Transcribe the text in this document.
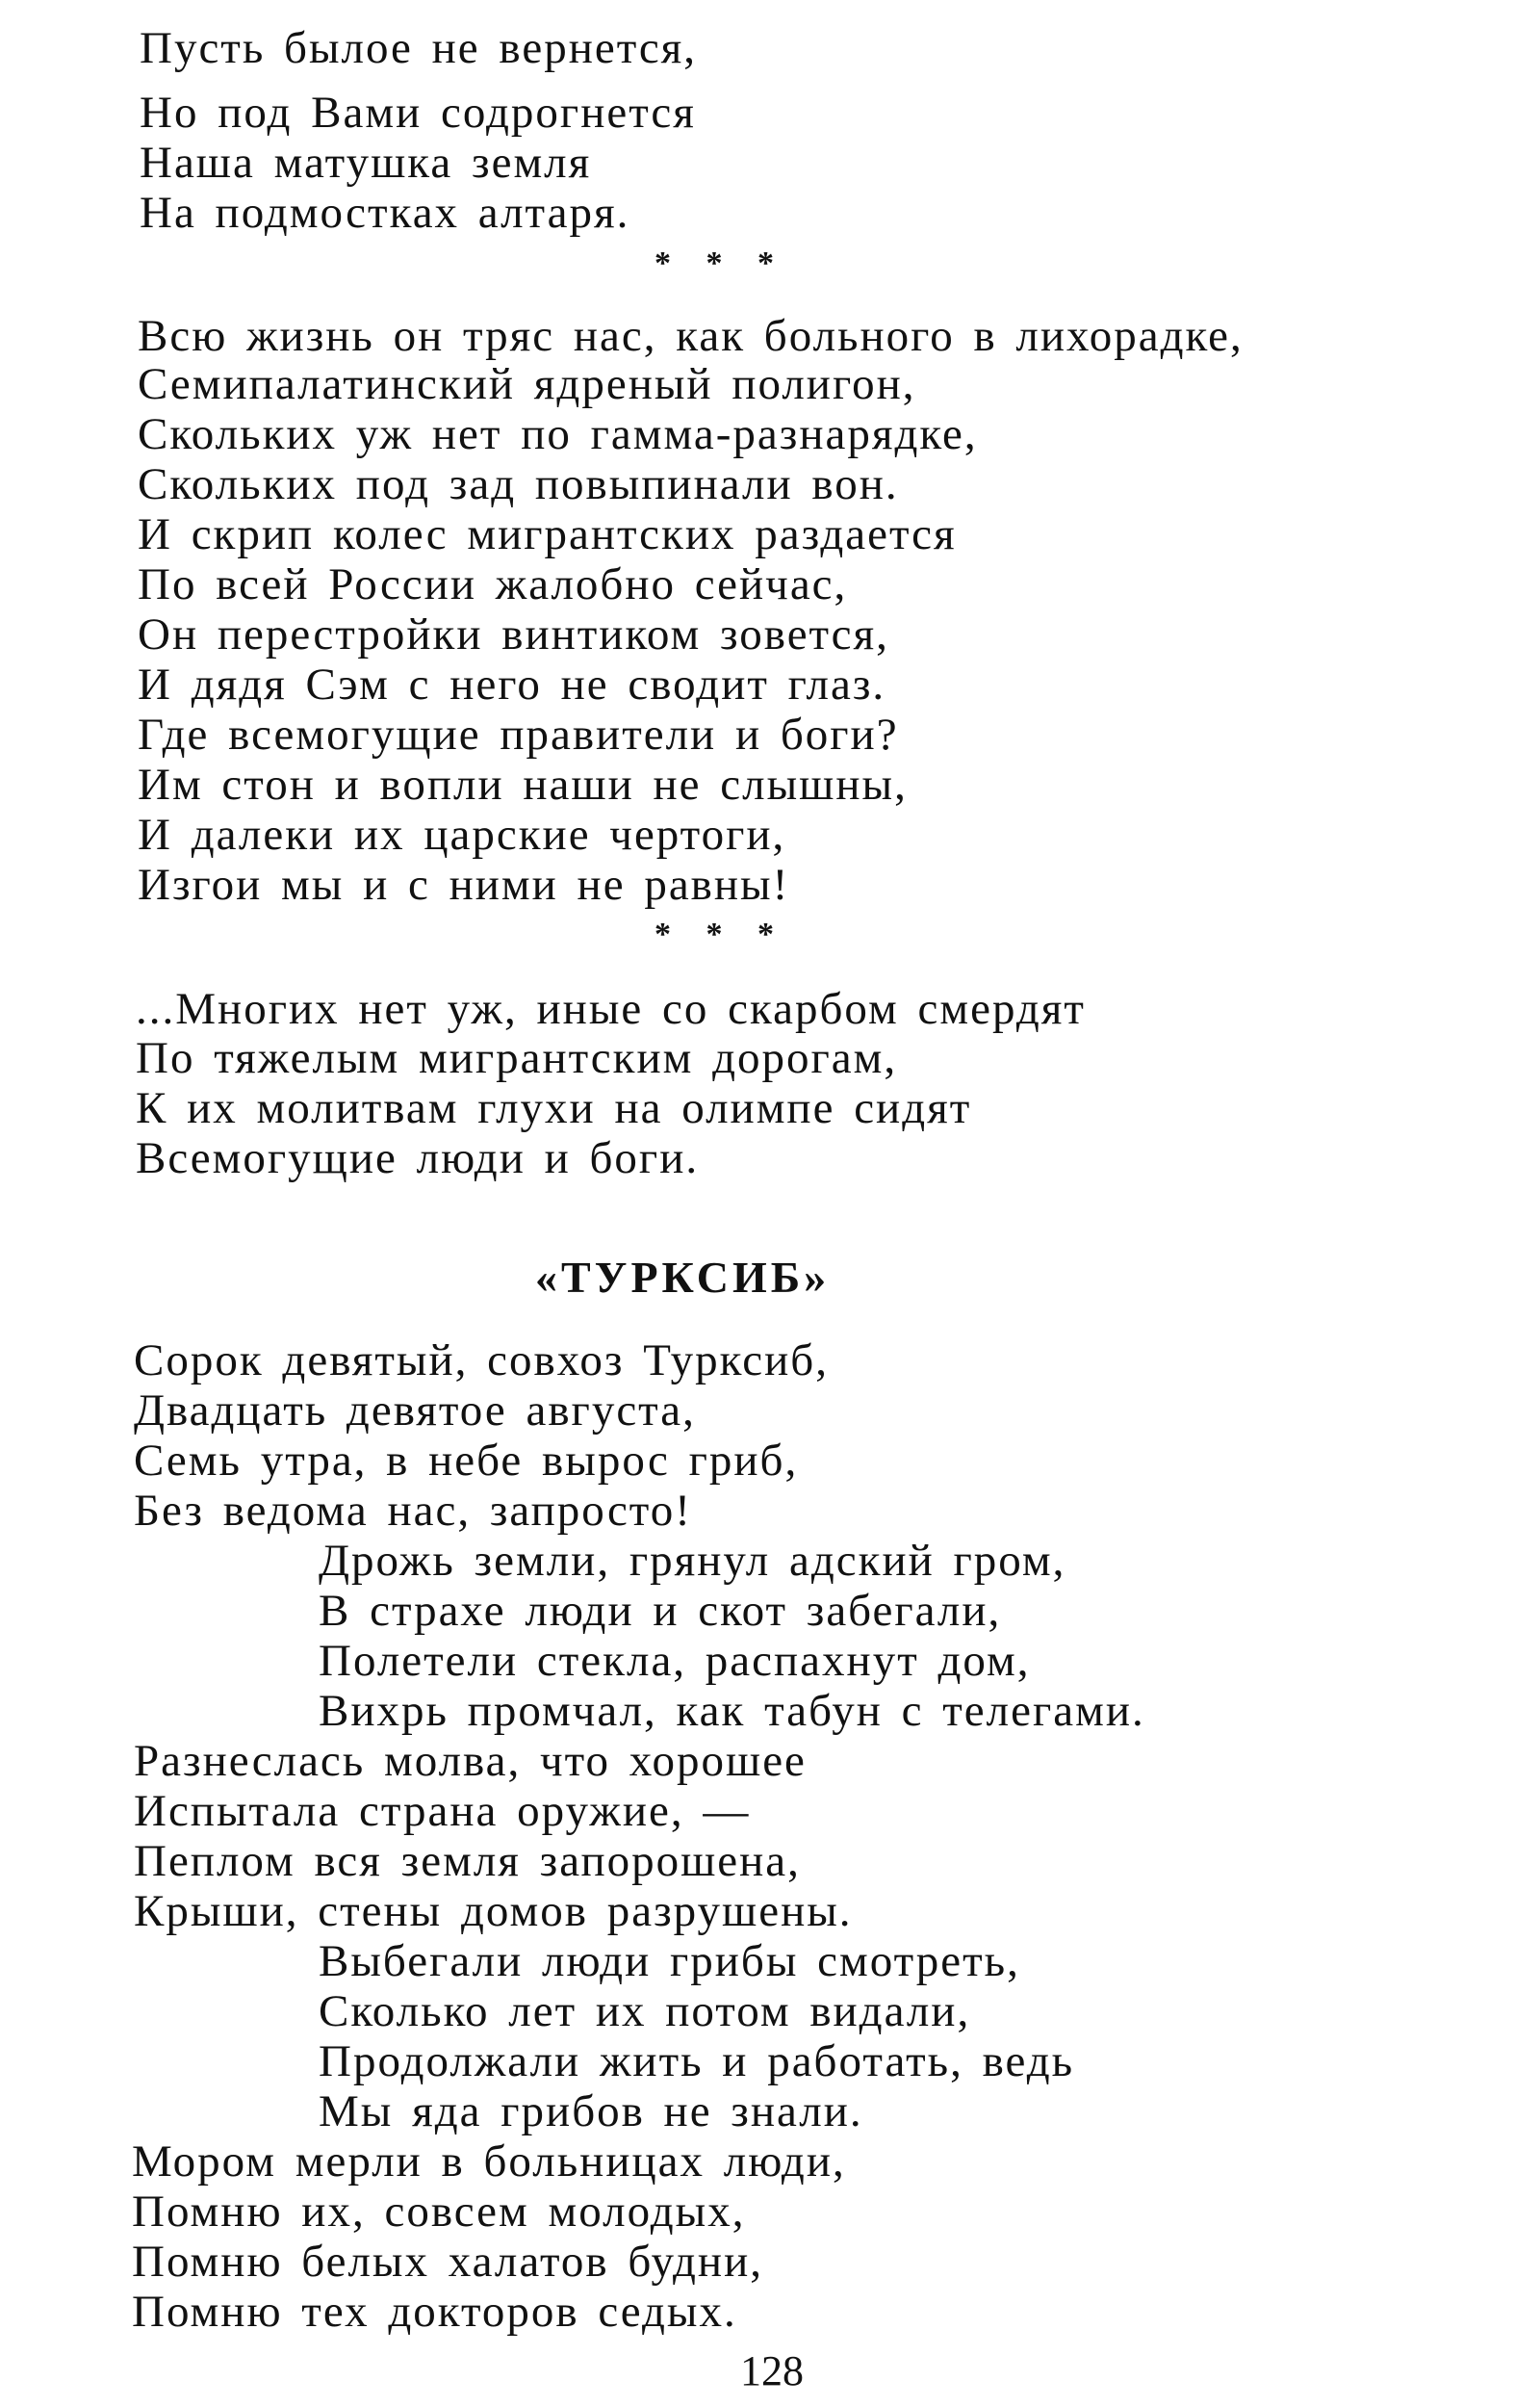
Пусть былое не вернется,
Но под Вами содрогнется
Наша матушка земля
На подмостках алтаря.
* * *
Всю жизнь он тряс нас, как больного в лихорадке,
Семипалатинский ядреный полигон,
Скольких уж нет по гамма-разнарядке,
Скольких под зад повыпинали вон.
И скрип колес мигрантских раздается
По всей России жалобно сейчас,
Он перестройки винтиком зовется,
И дядя Сэм с него не сводит глаз.
Где всемогущие правители и боги?
Им стон и вопли наши не слышны,
И далеки их царские чертоги,
Изгои мы и с ними не равны!
* * *
...Многих нет уж, иные со скарбом смердят
По тяжелым мигрантским дорогам,
К их молитвам глухи на олимпе сидят
Всемогущие люди и боги.
«ТУРКСИБ»
Сорок девятый, совхоз Турксиб,
Двадцать девятое августа,
Семь утра, в небе вырос гриб,
Без ведома нас, запросто!
Дрожь земли, грянул адский гром,
В страхе люди и скот забегали,
Полетели стекла, распахнут дом,
Вихрь промчал, как табун с телегами.
Разнеслась молва, что хорошее
Испытала страна оружие, —
Пеплом вся земля запорошена,
Крыши, стены домов разрушены.
Выбегали люди грибы смотреть,
Сколько лет их потом видали,
Продолжали жить и работать, ведь
Мы яда грибов не знали.
Мором мерли в больницах люди,
Помню их, совсем молодых,
Помню белых халатов будни,
Помню тех докторов седых.
128
